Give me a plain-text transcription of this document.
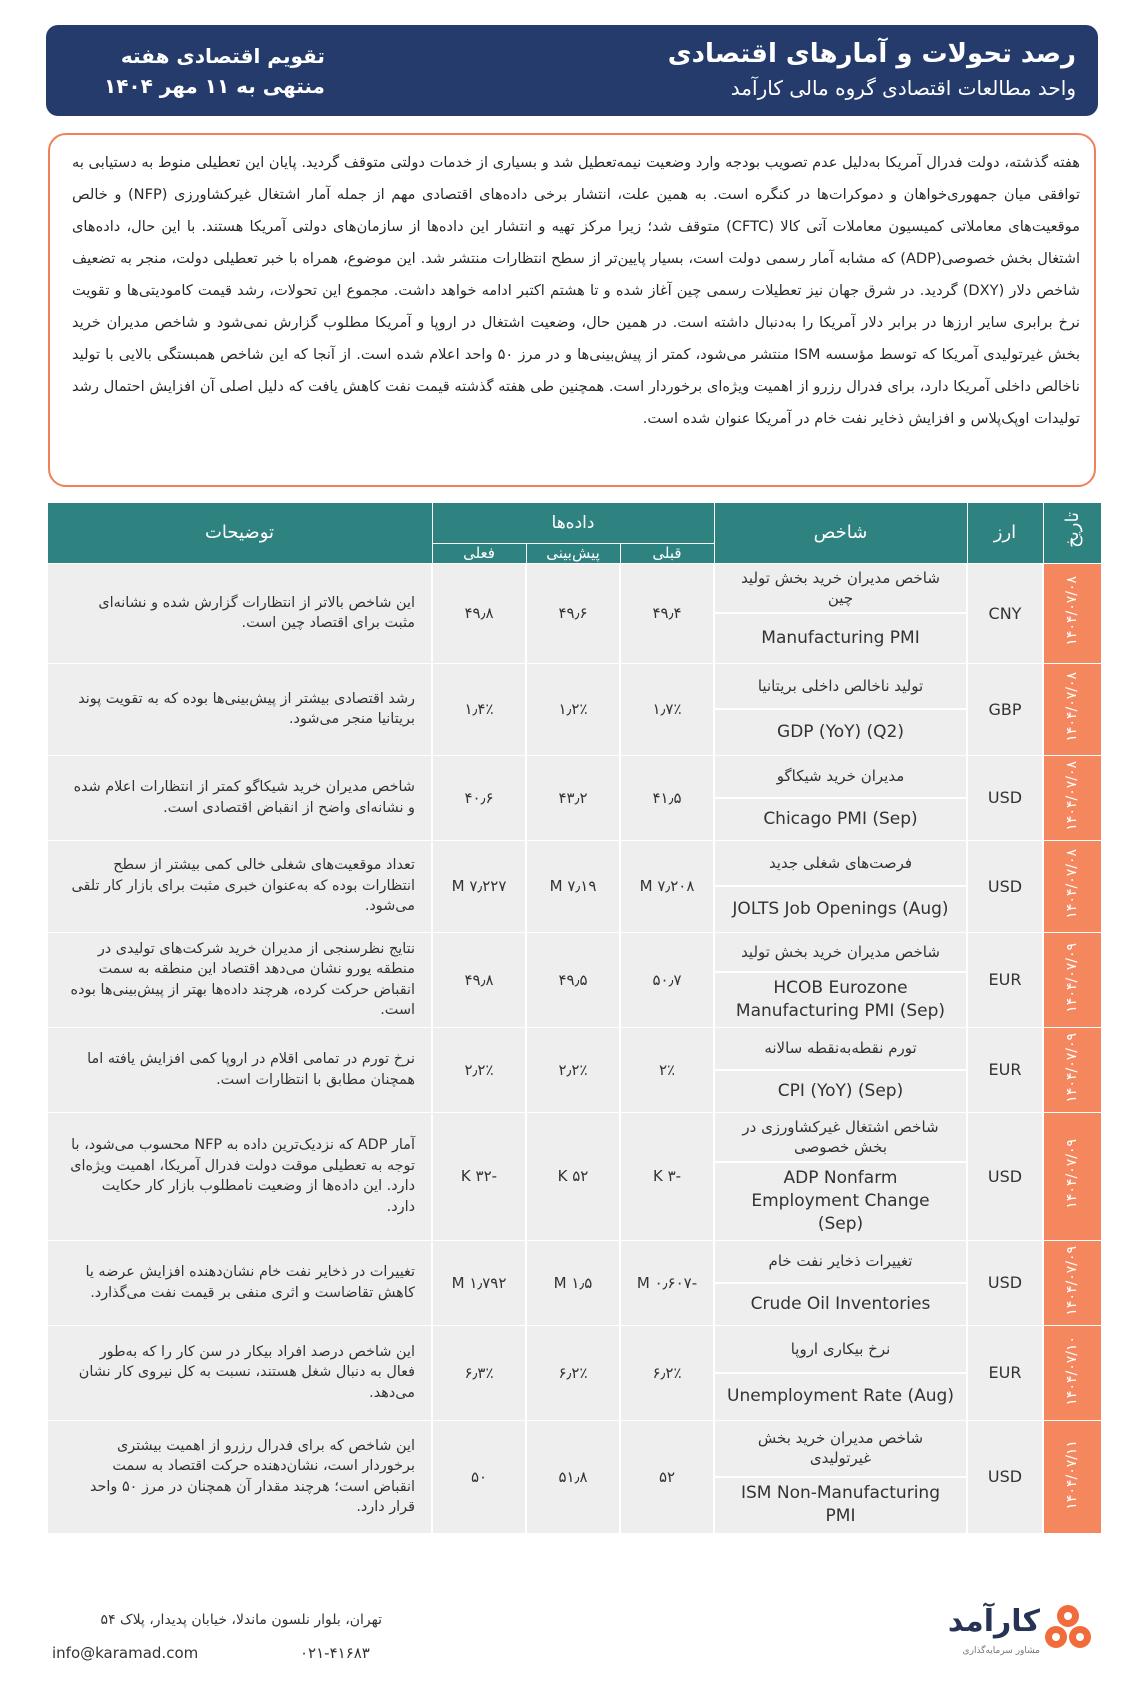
رصد تحولات و آمارهای اقتصادی
واحد مطالعات اقتصادی گروه مالی کارآمد
تقویم اقتصادی هفته
منتهی به ۱۱ مهر ۱۴۰۴
هفته گذشته، دولت فدرال آمریکا به‌دلیل عدم تصویب بودجه وارد وضعیت نیمه‌تعطیل شد و بسیاری از خدمات دولتی متوقف گردید. پایان این تعطیلی منوط به دستیابی به توافقی میان جمهوری‌خواهان و دموکرات‌ها در کنگره است. به همین علت، انتشار برخی داده‌های اقتصادی مهم از جمله آمار اشتغال غیرکشاورزی (NFP) و خالص موقعیت‌های معاملاتی کمیسیون معاملات آتی کالا (CFTC) متوقف شد؛ زیرا مرکز تهیه و انتشار این داده‌ها از سازمان‌های دولتی آمریکا هستند. با این حال، داده‌های اشتغال بخش خصوصی(ADP) که مشابه آمار رسمی دولت است، بسیار پایین‌تر از سطح انتظارات منتشر شد. این موضوع، همراه با خبر تعطیلی دولت، منجر به تضعیف شاخص دلار (DXY) گردید. در شرق جهان نیز تعطیلات رسمی چین آغاز شده و تا هشتم اکتبر ادامه خواهد داشت. مجموع این تحولات، رشد قیمت کامودیتی‌ها و تقویت نرخ برابری سایر ارزها در برابر دلار آمریکا را به‌دنبال داشته است. در همین حال، وضعیت اشتغال در اروپا و آمریکا مطلوب گزارش نمی‌شود و شاخص مدیران خرید بخش غیرتولیدی آمریکا که توسط مؤسسه ISM منتشر می‌شود، کمتر از پیش‌بینی‌ها و در مرز ۵۰ واحد اعلام شده است. از آنجا که این شاخص همبستگی بالایی با تولید ناخالص داخلی آمریکا دارد، برای فدرال رزرو از اهمیت ویژه‌ای برخوردار است. همچنین طی هفته گذشته قیمت نفت کاهش یافت که دلیل اصلی آن افزایش احتمال رشد تولیدات اوپک‌پلاس و افزایش ذخایر نفت خام در آمریکا عنوان شده است.
تاریخ	ارز	شاخص	داده‌ها			توضیحات
			قبلی	پیش‌بینی	فعلی	
۱۴۰۴/۰۷/۰۸	CNY	شاخص مدیران خرید بخش تولید چین
Manufacturing PMI	۴۹٫۴	۴۹٫۶	۴۹٫۸	این شاخص بالاتر از انتظارات گزارش شده و نشانه‌ای مثبت برای اقتصاد چین است.
۱۴۰۴/۰۷/۰۸	GBP	تولید ناخالص داخلی بریتانیا
GDP (YoY) (Q2)	۱٫۷٪	۱٫۲٪	۱٫۴٪	رشد اقتصادی بیشتر از پیش‌بینی‌ها بوده که به تقویت پوند بریتانیا منجر می‌شود.
۱۴۰۴/۰۷/۰۸	USD	مدیران خرید شیکاگو
Chicago PMI (Sep)	۴۱٫۵	۴۳٫۲	۴۰٫۶	شاخص مدیران خرید شیکاگو کمتر از انتظارات اعلام شده و نشانه‌ای واضح از انقباض اقتصادی است.
۱۴۰۴/۰۷/۰۸	USD	فرصت‌های شغلی جدید
JOLTS Job Openings (Aug)	۷٫۲۰۸ M	۷٫۱۹ M	۷٫۲۲۷ M	تعداد موقعیت‌های شغلی خالی کمی بیشتر از سطح انتظارات بوده که به‌عنوان خبری مثبت برای بازار کار تلقی می‌شود.
۱۴۰۴/۰۷/۰۹	EUR	شاخص مدیران خرید بخش تولید
HCOB Eurozone Manufacturing PMI (Sep)	۵۰٫۷	۴۹٫۵	۴۹٫۸	نتایج نظرسنجی از مدیران خرید شرکت‌های تولیدی در منطقه یورو نشان می‌دهد اقتصاد این منطقه به سمت انقباض حرکت کرده، هرچند داده‌ها بهتر از پیش‌بینی‌ها بوده است.
۱۴۰۴/۰۷/۰۹	EUR	تورم نقطه‌به‌نقطه سالانه
CPI (YoY) (Sep)	۲٪	۲٫۲٪	۲٫۲٪	نرخ تورم در تمامی اقلام در اروپا کمی افزایش یافته اما همچنان مطابق با انتظارات است.
۱۴۰۴/۰۷/۰۹	USD	شاخص اشتغال غیرکشاورزی در بخش خصوصی
ADP Nonfarm Employment Change (Sep)	-۳ K	۵۲ K	-۳۲ K	آمار ADP که نزدیک‌ترین داده به NFP محسوب می‌شود، با توجه به تعطیلی موقت دولت فدرال آمریکا، اهمیت ویژه‌ای دارد. این داده‌ها از وضعیت نامطلوب بازار کار حکایت دارد.
۱۴۰۴/۰۷/۰۹	USD	تغییرات ذخایر نفت خام
Crude Oil Inventories	-۰٫۶۰۷ M	۱٫۵ M	۱٫۷۹۲ M	تغییرات در ذخایر نفت خام نشان‌دهنده افزایش عرضه یا کاهش تقاضاست و اثری منفی بر قیمت نفت می‌گذارد.
۱۴۰۴/۰۷/۱۰	EUR	نرخ بیکاری اروپا
Unemployment Rate (Aug)	۶٫۲٪	۶٫۲٪	۶٫۳٪	این شاخص درصد افراد بیکار در سن کار را که به‌طور فعال به دنبال شغل هستند، نسبت به کل نیروی کار نشان می‌دهد.
۱۴۰۴/۰۷/۱۱	USD	شاخص مدیران خرید بخش غیرتولیدی
ISM Non-Manufacturing PMI	۵۲	۵۱٫۸	۵۰	این شاخص که برای فدرال رزرو از اهمیت بیشتری برخوردار است، نشان‌دهنده حرکت اقتصاد به سمت انقباض است؛ هرچند مقدار آن همچنان در مرز ۵۰ واحد قرار دارد.
تهران، بلوار نلسون ماندلا، خیابان پدیدار، پلاک ۵۴
info@karamad.com	۰۲۱-۴۱۶۸۳
کارآمد
مشاور سرمایه‌گذاری
